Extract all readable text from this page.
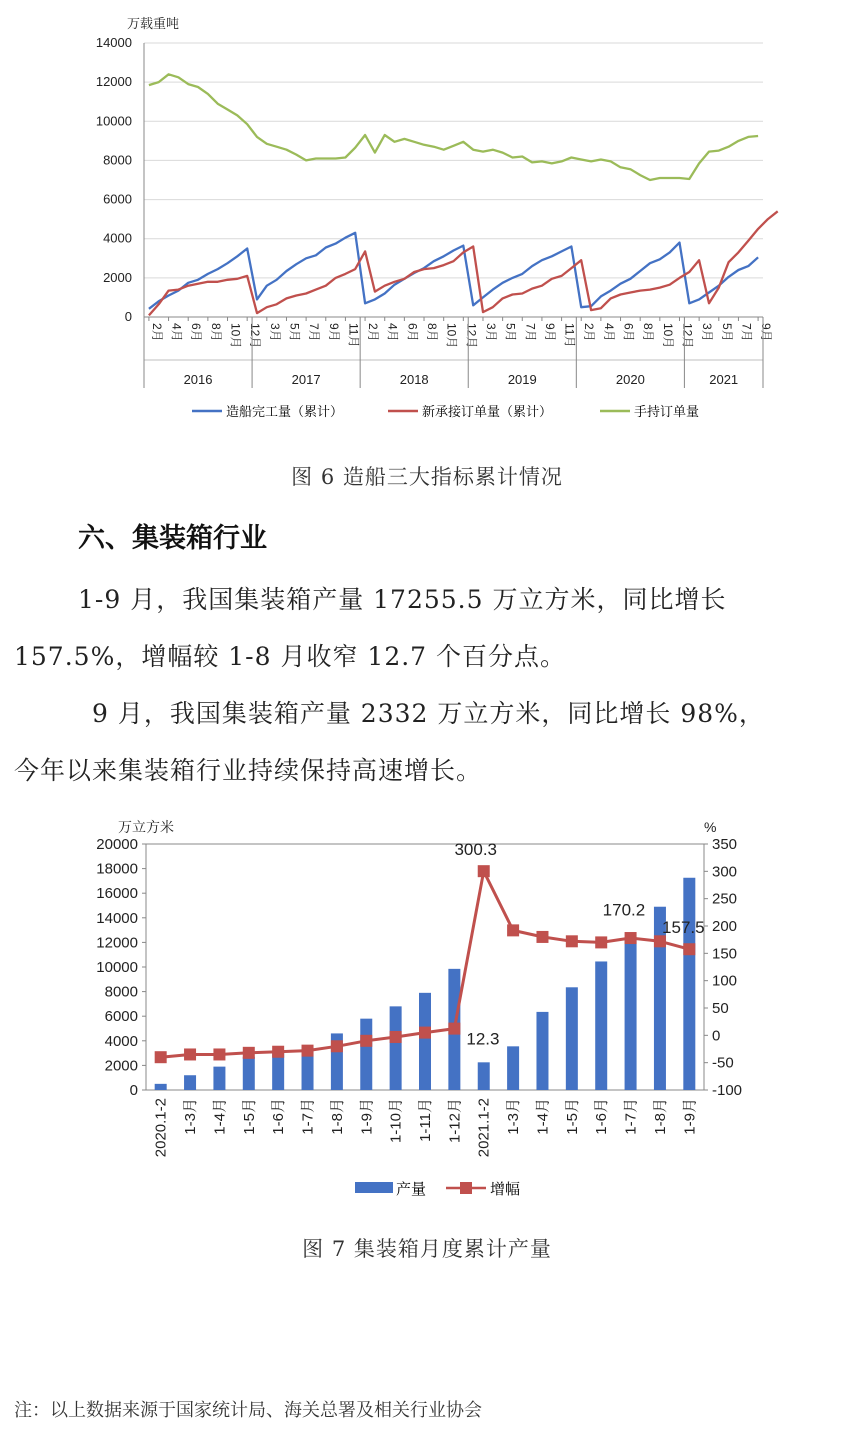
万载重吨
0
2000
4000
6000
8000
10000
12000
14000
2月 4月 6月 8月 10月 12月 3月 5月 7月 9月 11月 2月 4月 6月 8月 10月 12月 3月 5月 7月 9月 11月 2月 4月 6月 8月 10月 12月 3月 5月 7月 9月
2016	2017	2018	2019	2020	2021
造船完工量（累计）	新承接订单量（累计）	手持订单量
图 6 造船三大指标累计情况
六、集装箱行业
1-9 月，我国集装箱产量 17255.5 万立方米，同比增长
157.5%，增幅较 1-8 月收窄 12.7 个百分点。
9 月，我国集装箱产量 2332 万立方米，同比增长 98%，
今年以来集装箱行业持续保持高速增长。
万立方米	%
0
2000
4000
6000
8000
10000
12000
14000
16000
18000
20000
-100
-50
0
50
100
150
200
250
300
350
2020.1-2 1-3月 1-4月 1-5月 1-6月 1-7月 1-8月 1-9月 1-10月 1-11月 1-12月 2021.1-2 1-3月 1-4月 1-5月 1-6月 1-7月 1-8月 1-9月
12.3
300.3
170.2
157.5
产量	增幅
图 7 集装箱月度累计产量
注：以上数据来源于国家统计局、海关总署及相关行业协会
